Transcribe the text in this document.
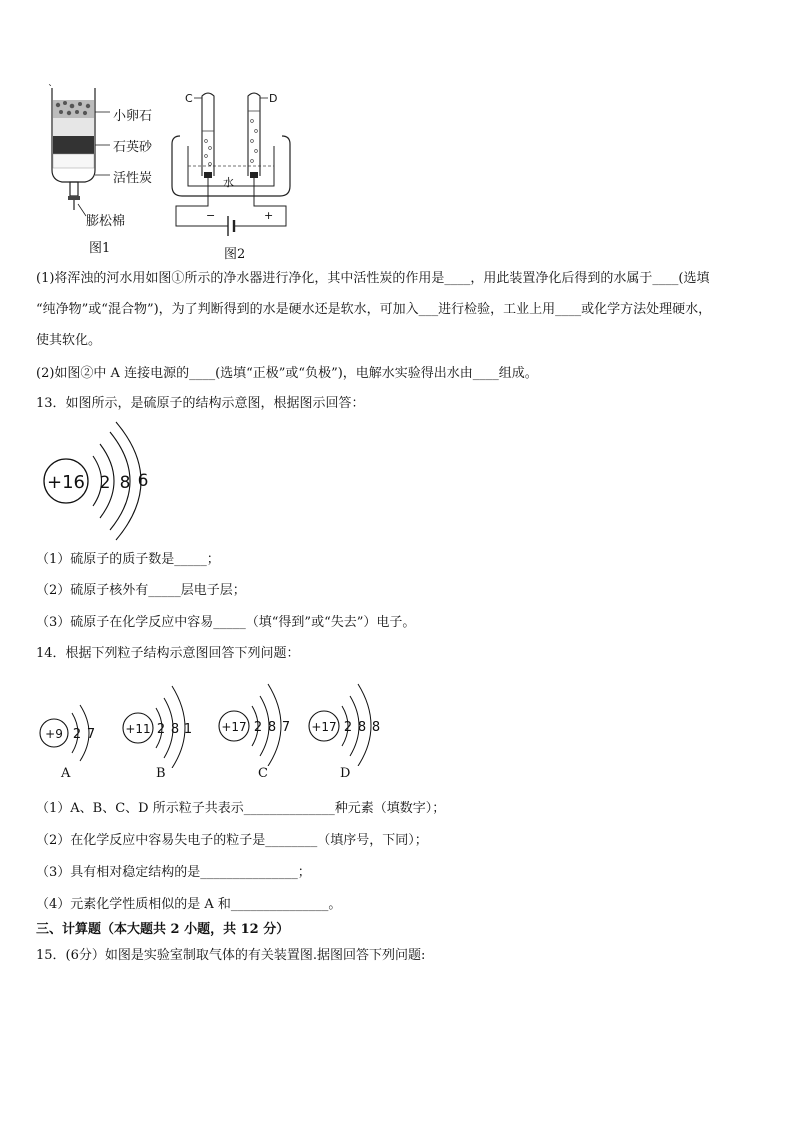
`
小卵石
石英砂
活性炭
膨松棉
图1
C	D
水
−	+
图2
(1)将浑浊的河水用如图①所示的净水器进行净化，其中活性炭的作用是____，用此装置净化后得到的水属于____(选填
“纯净物”或“混合物”)，为了判断得到的水是硬水还是软水，可加入___进行检验，工业上用____或化学方法处理硬水，
使其软化。
(2)如图②中 A 连接电源的____(选填“正极”或“负极”)，电解水实验得出水由____组成。
13．如图所示，是硫原子的结构示意图，根据图示回答：
+16 2 8 6
（1）硫原子的质子数是_____；
（2）硫原子核外有_____层电子层；
（3）硫原子在化学反应中容易_____（填“得到”或“失去”）电子。
14．根据下列粒子结构示意图回答下列问题：
+9 2 7
A
+11 2 8 1
B
+17 2 8 7
C
+17 2 8 8
D
（1）A、B、C、D 所示粒子共表示______________种元素（填数字）；
（2）在化学反应中容易失电子的粒子是________（填序号，下同）；
（3）具有相对稳定结构的是_______________；
（4）元素化学性质相似的是 A 和_______________。
三、计算题（本大题共 2 小题，共 12 分）
15．(6分）如图是实验室制取气体的有关装置图.据图回答下列问题:
